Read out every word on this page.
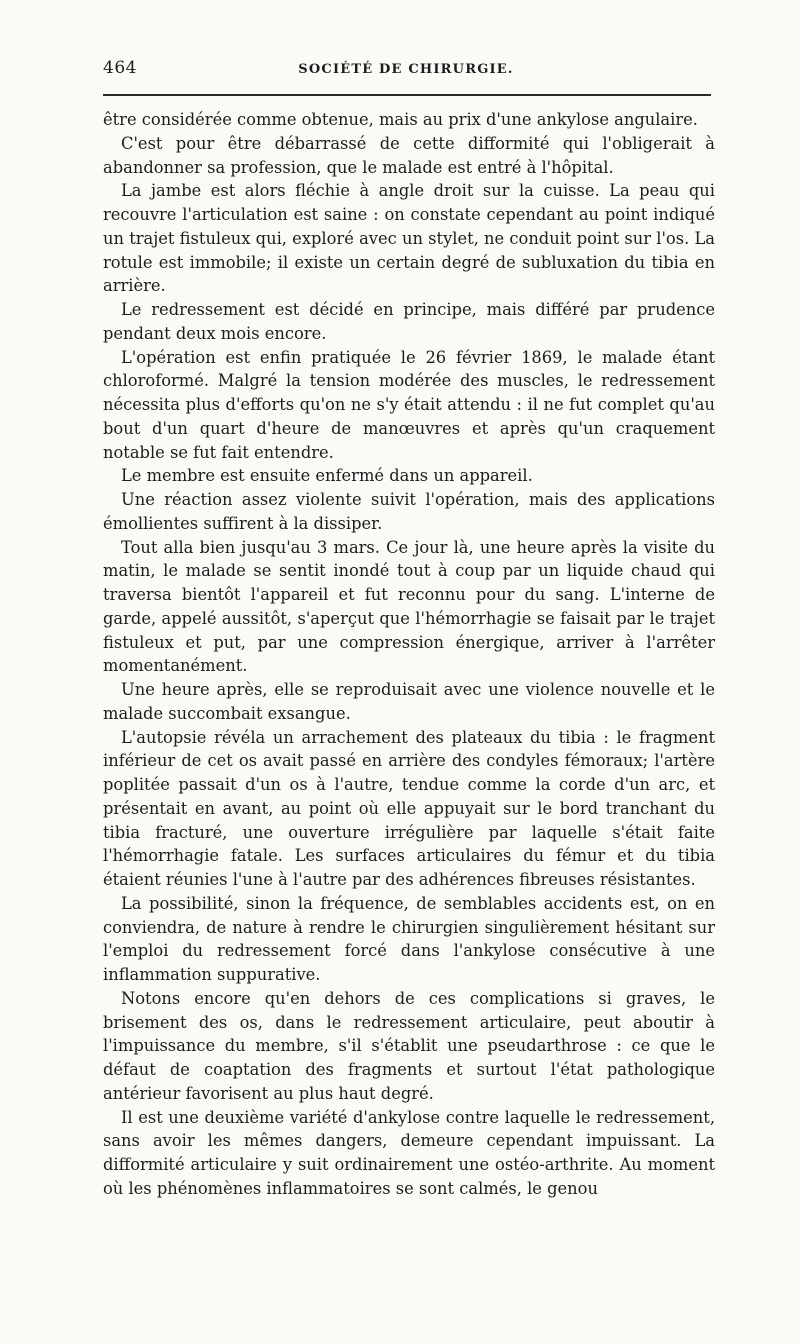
464	SOCIÉTÉ DE CHIRURGIE.

être considérée comme obtenue, mais au prix d'une ankylose angulaire.

C'est pour être débarrassé de cette difformité qui l'obligerait à abandonner sa profession, que le malade est entré à l'hôpital.

La jambe est alors fléchie à angle droit sur la cuisse. La peau qui recouvre l'articulation est saine : on constate cependant au point indiqué un trajet fistuleux qui, exploré avec un stylet, ne conduit point sur l'os. La rotule est immobile; il existe un certain degré de subluxation du tibia en arrière.

Le redressement est décidé en principe, mais différé par prudence pendant deux mois encore.

L'opération est enfin pratiquée le 26 février 1869, le malade étant chloroformé. Malgré la tension modérée des muscles, le redressement nécessita plus d'efforts qu'on ne s'y était attendu : il ne fut complet qu'au bout d'un quart d'heure de manœuvres et après qu'un craquement notable se fut fait entendre.

Le membre est ensuite enfermé dans un appareil.

Une réaction assez violente suivit l'opération, mais des applications émollientes suffirent à la dissiper.

Tout alla bien jusqu'au 3 mars. Ce jour là, une heure après la visite du matin, le malade se sentit inondé tout à coup par un liquide chaud qui traversa bientôt l'appareil et fut reconnu pour du sang. L'interne de garde, appelé aussitôt, s'aperçut que l'hémorrhagie se faisait par le trajet fistuleux et put, par une compression énergique, arriver à l'arrêter momentanément.

Une heure après, elle se reproduisait avec une violence nouvelle et le malade succombait exsangue.

L'autopsie révéla un arrachement des plateaux du tibia : le fragment inférieur de cet os avait passé en arrière des condyles fémoraux; l'artère poplitée passait d'un os à l'autre, tendue comme la corde d'un arc, et présentait en avant, au point où elle appuyait sur le bord tranchant du tibia fracturé, une ouverture irrégulière par laquelle s'était faite l'hémorrhagie fatale. Les surfaces articulaires du fémur et du tibia étaient réunies l'une à l'autre par des adhérences fibreuses résistantes.

La possibilité, sinon la fréquence, de semblables accidents est, on en conviendra, de nature à rendre le chirurgien singulièrement hésitant sur l'emploi du redressement forcé dans l'ankylose consécutive à une inflammation suppurative.

Notons encore qu'en dehors de ces complications si graves, le brisement des os, dans le redressement articulaire, peut aboutir à l'impuissance du membre, s'il s'établit une pseudarthrose : ce que le défaut de coaptation des fragments et surtout l'état pathologique antérieur favorisent au plus haut degré.

Il est une deuxième variété d'ankylose contre laquelle le redressement, sans avoir les mêmes dangers, demeure cependant impuissant. La difformité articulaire y suit ordinairement une ostéo-arthrite. Au moment où les phénomènes inflammatoires se sont calmés, le genou
